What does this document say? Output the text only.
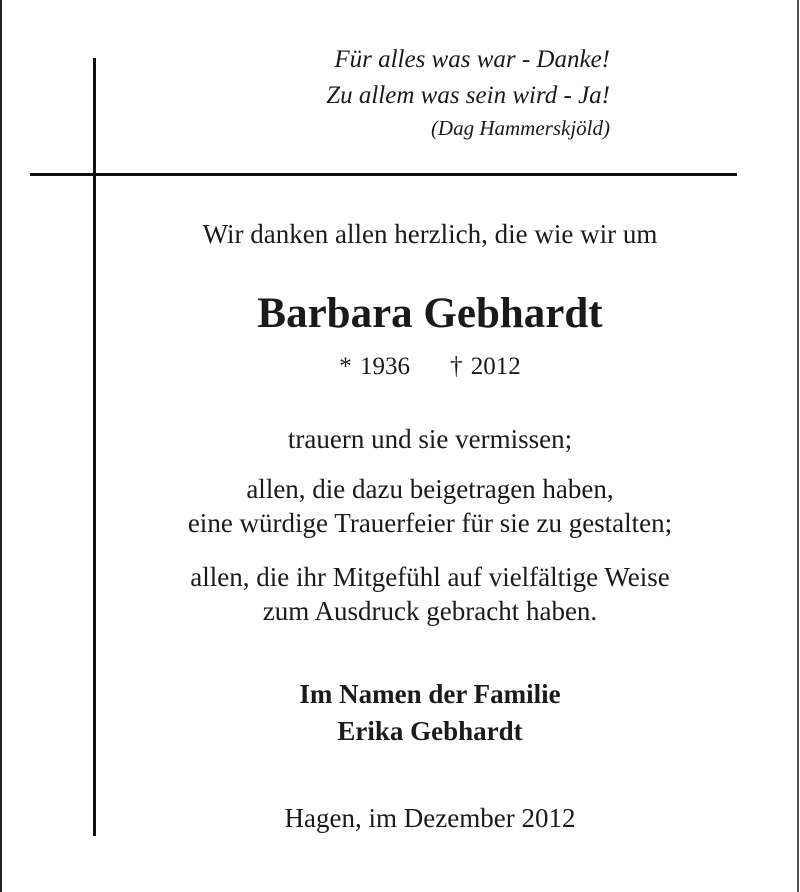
Für alles was war - Danke!
Zu allem was sein wird - Ja!
(Dag Hammerskjöld)
Wir danken allen herzlich, die wie wir um
Barbara Gebhardt
* 1936 † 2012
trauern und sie vermissen;
allen, die dazu beigetragen haben,
eine würdige Trauerfeier für sie zu gestalten;
allen, die ihr Mitgefühl auf vielfältige Weise
zum Ausdruck gebracht haben.
Im Namen der Familie
Erika Gebhardt
Hagen, im Dezember 2012
